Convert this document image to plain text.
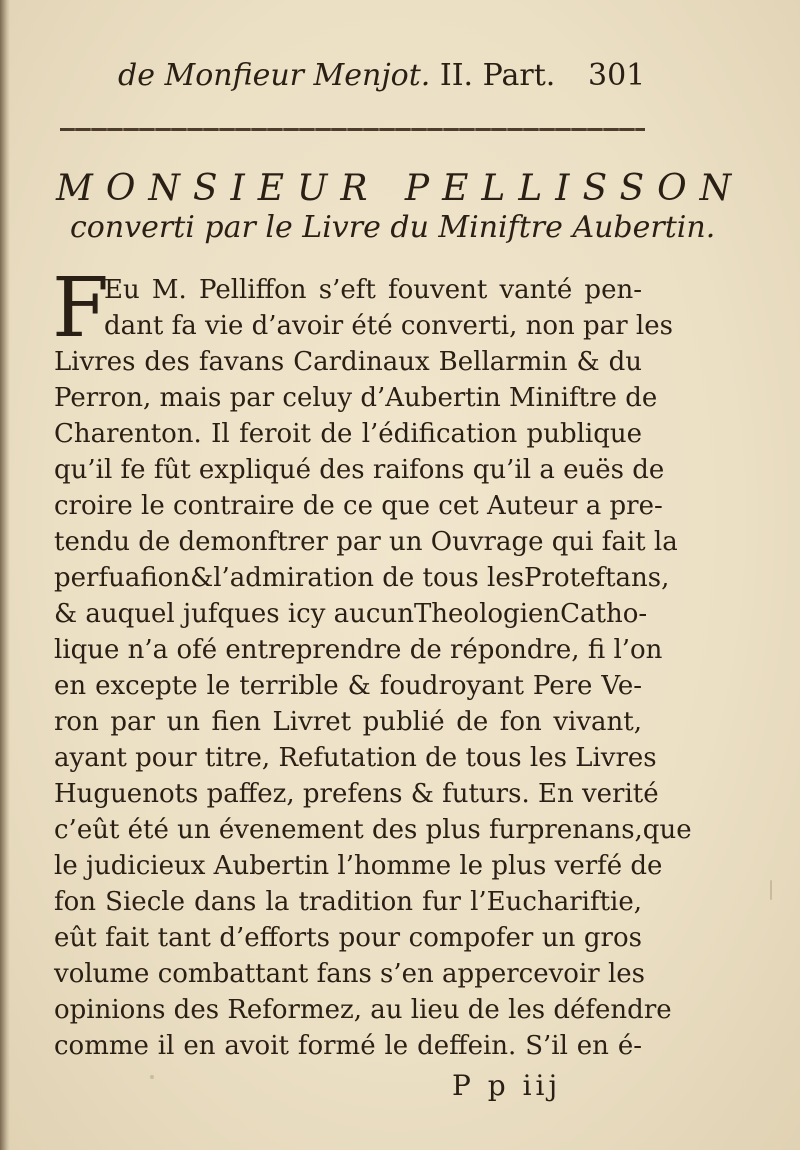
de Monfieur Menjot. II. Part.	301
MONSIEUR PELLISSON
converti par le Livre du Miniftre Aubertin.
F
Eu M. Pelliffon s’eft fouvent vanté pen-
dant fa vie d’avoir été converti, non par les
Livres des favans Cardinaux Bellarmin & du
Perron, mais par celuy d’Aubertin Miniftre de
Charenton. Il feroit de l’édification publique
qu’il fe fût expliqué des raifons qu’il a euës de
croire le contraire de ce que cet Auteur a pre-
tendu de demonftrer par un Ouvrage qui fait la
perfuafion&l’admiration de tous lesProteftans,
& auquel jufques icy aucunTheologienCatho-
lique n’a ofé entreprendre de répondre, fi l’on
en excepte le terrible & foudroyant Pere Ve-
ron par un fien Livret publié de fon vivant,
ayant pour titre, Refutation de tous les Livres
Huguenots paffez, prefens & futurs. En verité
c’eût été un évenement des plus furprenans,que
le judicieux Aubertin l’homme le plus verfé de
fon Siecle dans la tradition fur l’Euchariftie,
eût fait tant d’efforts pour compofer un gros
volume combattant fans s’en appercevoir les
opinions des Reformez, au lieu de les défendre
comme il en avoit formé le deffein. S’il en é-
P p iij
